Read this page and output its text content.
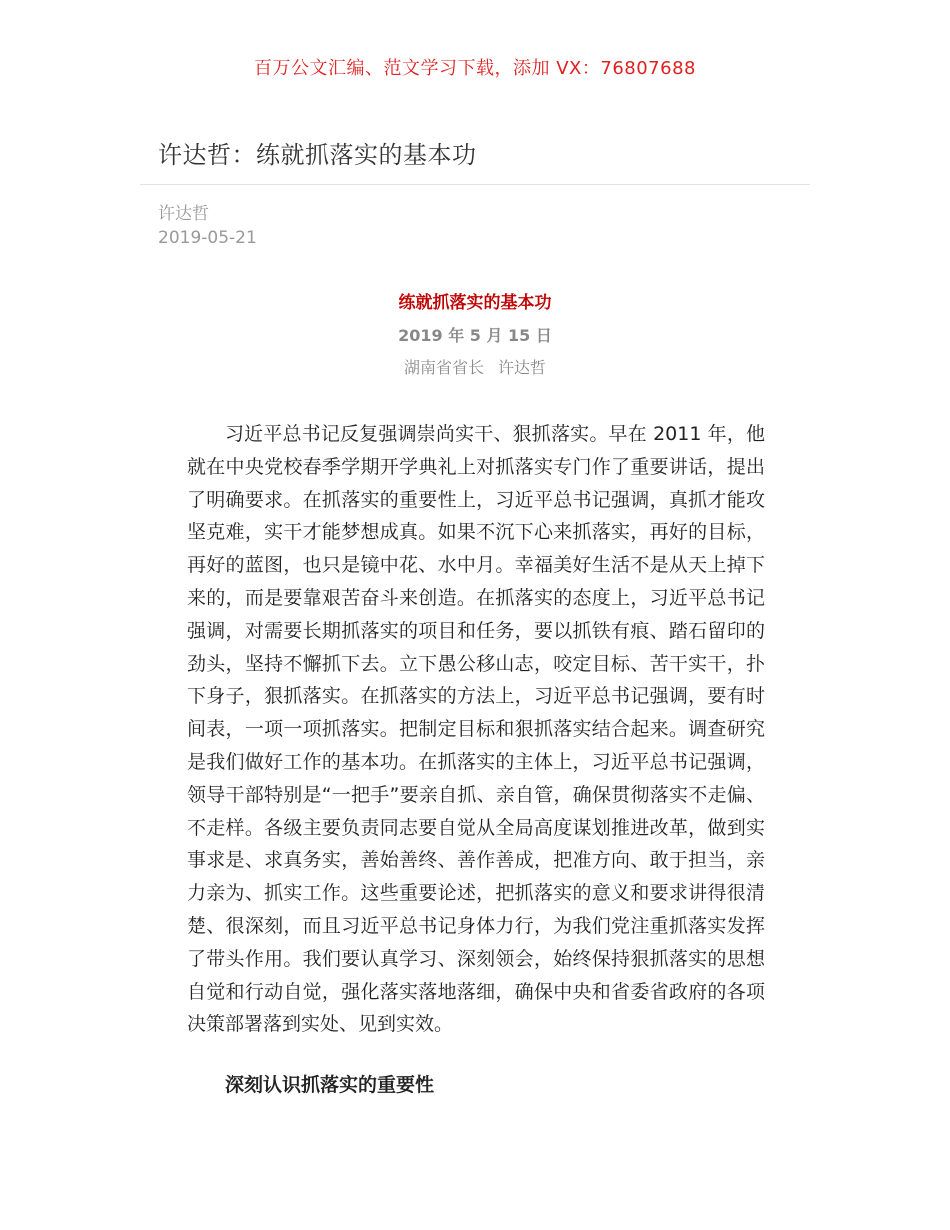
百万公文汇编、范文学习下载，添加 VX：76807688
许达哲：练就抓落实的基本功
许达哲
2019-05-21
练就抓落实的基本功
2019 年 5 月 15 日
湖南省省长 许达哲

习近平总书记反复强调崇尚实干、狠抓落实。早在 2011 年，他就在中央党校春季学期开学典礼上对抓落实专门作了重要讲话，提出了明确要求。在抓落实的重要性上，习近平总书记强调，真抓才能攻坚克难，实干才能梦想成真。如果不沉下心来抓落实，再好的目标，再好的蓝图，也只是镜中花、水中月。幸福美好生活不是从天上掉下来的，而是要靠艰苦奋斗来创造。在抓落实的态度上，习近平总书记强调，对需要长期抓落实的项目和任务，要以抓铁有痕、踏石留印的劲头，坚持不懈抓下去。立下愚公移山志，咬定目标、苦干实干，扑下身子，狠抓落实。在抓落实的方法上，习近平总书记强调，要有时间表，一项一项抓落实。把制定目标和狠抓落实结合起来。调查研究是我们做好工作的基本功。在抓落实的主体上，习近平总书记强调，领导干部特别是“一把手”要亲自抓、亲自管，确保贯彻落实不走偏、不走样。各级主要负责同志要自觉从全局高度谋划推进改革，做到实事求是、求真务实，善始善终、善作善成，把准方向、敢于担当，亲力亲为、抓实工作。这些重要论述，把抓落实的意义和要求讲得很清楚、很深刻，而且习近平总书记身体力行，为我们党注重抓落实发挥了带头作用。我们要认真学习、深刻领会，始终保持狠抓落实的思想自觉和行动自觉，强化落实落地落细，确保中央和省委省政府的各项决策部署落到实处、见到实效。

深刻认识抓落实的重要性
